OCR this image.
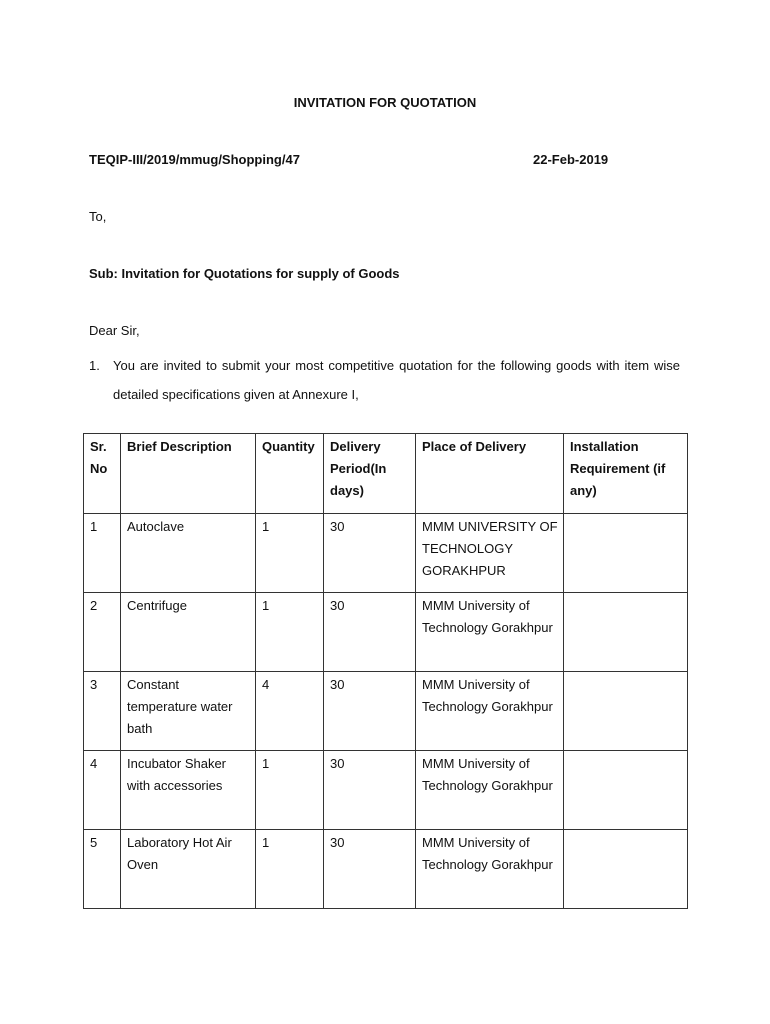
INVITATION FOR QUOTATION
TEQIP-III/2019/mmug/Shopping/47	22-Feb-2019
To,
Sub: Invitation for Quotations for supply of Goods
Dear Sir,
1. You are invited to submit your most competitive quotation for the following goods with item wise detailed specifications given at Annexure I,
Sr. No	Brief Description	Quantity	Delivery Period(In days)	Place of Delivery	Installation Requirement (if any)
1	Autoclave	1	30	MMM UNIVERSITY OF TECHNOLOGY GORAKHPUR	
2	Centrifuge	1	30	MMM University of Technology Gorakhpur	
3	Constant temperature water bath	4	30	MMM University of Technology Gorakhpur	
4	Incubator Shaker with accessories	1	30	MMM University of Technology Gorakhpur	
5	Laboratory Hot Air Oven	1	30	MMM University of Technology Gorakhpur	
